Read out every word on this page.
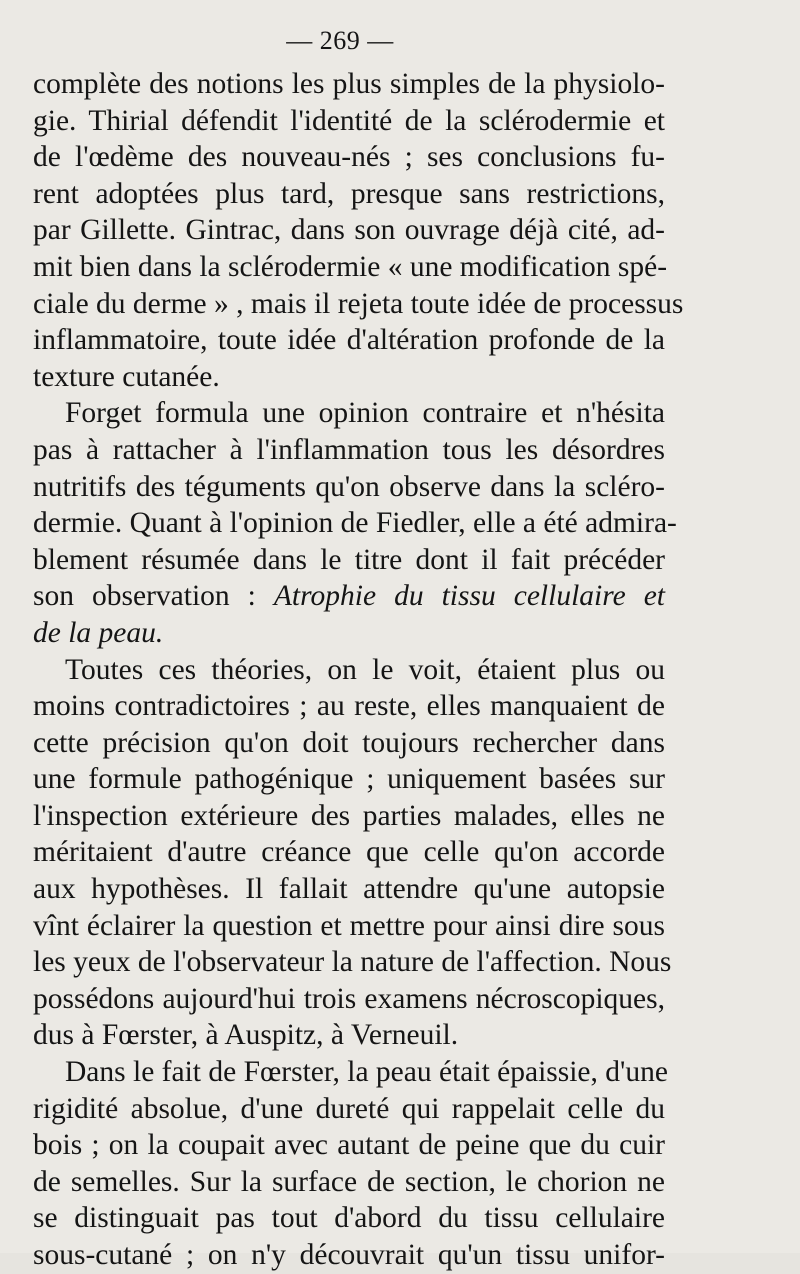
— 269 —
complète des notions les plus simples de la physiolo-
gie. Thirial défendit l'identité de la sclérodermie et
de l'œdème des nouveau-nés ; ses conclusions fu-
rent adoptées plus tard, presque sans restrictions,
par Gillette. Gintrac, dans son ouvrage déjà cité, ad-
mit bien dans la sclérodermie « une modification spé-
ciale du derme » , mais il rejeta toute idée de processus
inflammatoire, toute idée d'altération profonde de la
texture cutanée.
Forget formula une opinion contraire et n'hésita
pas à rattacher à l'inflammation tous les désordres
nutritifs des téguments qu'on observe dans la scléro-
dermie. Quant à l'opinion de Fiedler, elle a été admira-
blement résumée dans le titre dont il fait précéder
son observation : Atrophie du tissu cellulaire et
de la peau.
Toutes ces théories, on le voit, étaient plus ou
moins contradictoires ; au reste, elles manquaient de
cette précision qu'on doit toujours rechercher dans
une formule pathogénique ; uniquement basées sur
l'inspection extérieure des parties malades, elles ne
méritaient d'autre créance que celle qu'on accorde
aux hypothèses. Il fallait attendre qu'une autopsie
vînt éclairer la question et mettre pour ainsi dire sous
les yeux de l'observateur la nature de l'affection. Nous
possédons aujourd'hui trois examens nécroscopiques,
dus à Fœrster, à Auspitz, à Verneuil.
Dans le fait de Fœrster, la peau était épaissie, d'une
rigidité absolue, d'une dureté qui rappelait celle du
bois ; on la coupait avec autant de peine que du cuir
de semelles. Sur la surface de section, le chorion ne
se distinguait pas tout d'abord du tissu cellulaire
sous-cutané ; on n'y découvrait qu'un tissu unifor-
